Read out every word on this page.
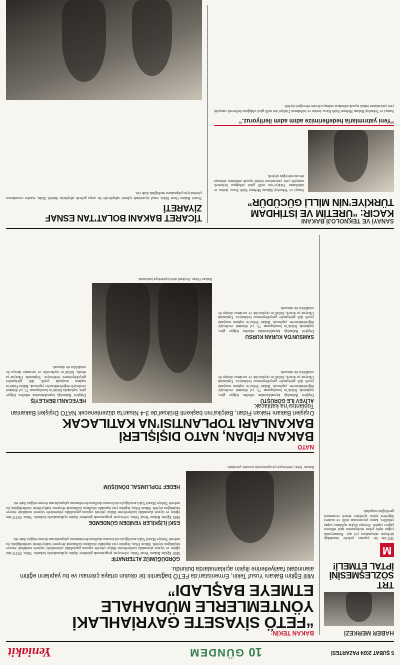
5 ŞUBAT 2024 PAZARTESİ
10
GÜNDEM
Yeniakit
HABER MERKEZİ
TRT SÖZLEŞMESİNİ İPTAL ETMELİ!
M
TRT’nin bir yapımcı şirketle imzaladığı sözleşme tartışmalara yol açtı. Kamuoyunda yoğun tepki çeken sözleşmenin iptal edilmesi çağrısı yapıldı. Konuya ilişkin açıklama yapan yetkililer, kamu yayıncısının milli ve manevi değerlere aykırı içeriklere destek vermemesi gerektiğini vurguladı.
BAKAN TEKİN:
“FETÖ SİYASETE GAYRİAHLAKİ
YÖNTEMLERLE MÜDAHALE
ETMEYE BAŞLADI”
Millî Eğitim Bakanı Yusuf Tekin, Ermenistan’da FETÖ bağlantılı bir okulun ortaya çıkması ve bu yapıların eğitim alanındaki faaliyetlerine ilişkin açıklamalarda bulundu.
Bakan Tekin, televizyon programında soruları yanıtladı.
GÖRDÜĞÜMÜZ ALTERNATİF
Millî Eğitim Bakanı Yusuf Tekin, televizyon programında gündeme ilişkin açıklamalarda bulundu. Tekin, FETÖ’nün eğitim ve siyaset alanındaki faaliyetlerine dikkat çekerek yapının gayriahlaki yöntemlerle siyasete müdahale etmeye başladığını söyledi. Bakan Tekin, örgütün yurt dışındaki okullarını kullanarak devşirme faaliyetlerini sürdürdüğünü, bu nedenle Türkiye Maarif Vakfı aracılığıyla söz konusu okulların devralınması çalışmalarının devam ettiğini ifade etti.
ESKİ İLİŞKİLER YENİDEN GÜNDEMDE
Millî Eğitim Bakanı Yusuf Tekin, televizyon programında gündeme ilişkin açıklamalarda bulundu. Tekin, FETÖ’nün eğitim ve siyaset alanındaki faaliyetlerine dikkat çekerek yapının gayriahlaki yöntemlerle siyasete müdahale etmeye başladığını söyledi. Bakan Tekin, örgütün yurt dışındaki okullarını kullanarak devşirme faaliyetlerini sürdürdüğünü, bu nedenle Türkiye Maarif Vakfı aracılığıyla söz konusu okulların devralınması çalışmalarının devam ettiğini ifade etti.
HEDEF TOPLUMSAL DÖNÜŞÜM
NATO
BAKAN FİDAN, NATO DIŞİŞLERİ
BAKANLARI TOPLANTISI’NA KATILACAK
Dışişleri Bakanı Hakan Fidan, Belçika’nın başkenti Brüksel’de 3-4 Nisan’ta düzenlenecek NATO Dışişleri Bakanları Toplantısı’na katılacak.
ALİYEV İLE GÖRÜŞTÜ
Dışişleri Bakanlığı kaynaklarından edinilen bilgiye göre, toplantıda İttifak’ın kuruluşunun 75. yıl dönümü vesilesiyle değerlendirmeler yapılacak. Bakan Fidan’ın toplantı marjında çeşitli ikili görüşmeler gerçekleştirmesi bekleniyor. Toplantıda Ukrayna’ya destek, İttifak’ın caydırıcılık ve savunma duruşu ile ortaklıklar ele alınacak.
SAMSUN’DA KURAN KURSU
Dışişleri Bakanlığı kaynaklarından edinilen bilgiye göre, toplantıda İttifak’ın kuruluşunun 75. yıl dönümü vesilesiyle değerlendirmeler yapılacak. Bakan Fidan’ın toplantı marjında çeşitli ikili görüşmeler gerçekleştirmesi bekleniyor. Toplantıda Ukrayna’ya destek, İttifak’ın caydırıcılık ve savunma duruşu ile ortaklıklar ele alınacak.
Bakan Fidan, Brüksel’deki toplantıya katılacak.
HEYECANLI BEKLEYİŞ
Dışişleri Bakanlığı kaynaklarından edinilen bilgiye göre, toplantıda İttifak’ın kuruluşunun 75. yıl dönümü vesilesiyle değerlendirmeler yapılacak. Bakan Fidan’ın toplantı marjında çeşitli ikili görüşmeler gerçekleştirmesi bekleniyor. Toplantıda Ukrayna’ya destek, İttifak’ın caydırıcılık ve savunma duruşu ile ortaklıklar ele alınacak.
SANAYİ VE TEKNOLOJİ BAKANI
KACIR: “ÜRETİM VE İSTİHDAM
TÜRKİYE’NİN MİLLİ GÜCÜDÜR”
Sanayi ve Teknoloji Bakanı Mehmet Fatih Kacır, üretim ve istihdamın Türkiye’nin milli gücü olduğunu belirterek sanayide yeni yatırımların önünü açacak adımların atılmaya devam edeceğini söyledi.
“Yeni yatırımlarla hedeflerimize adım adım ilerliyoruz.”
Sanayi ve Teknoloji Bakanı Mehmet Fatih Kacır, üretim ve istihdamın Türkiye’nin milli gücü olduğunu belirterek sanayide yeni yatırımların önünü açacak adımların atılmaya devam edeceğini söyledi.
TİCARET BAKANI BOLAT’TAN ESNAF ZİYARETİ
Ticaret Bakanı Ömer Bolat, esnaf ziyaretinde işletme sahipleriyle bir araya gelerek taleplerini dinledi. Bolat, esnafın sorunlarının çözümü için çalışmaların sürdüğünü ifade etti.
